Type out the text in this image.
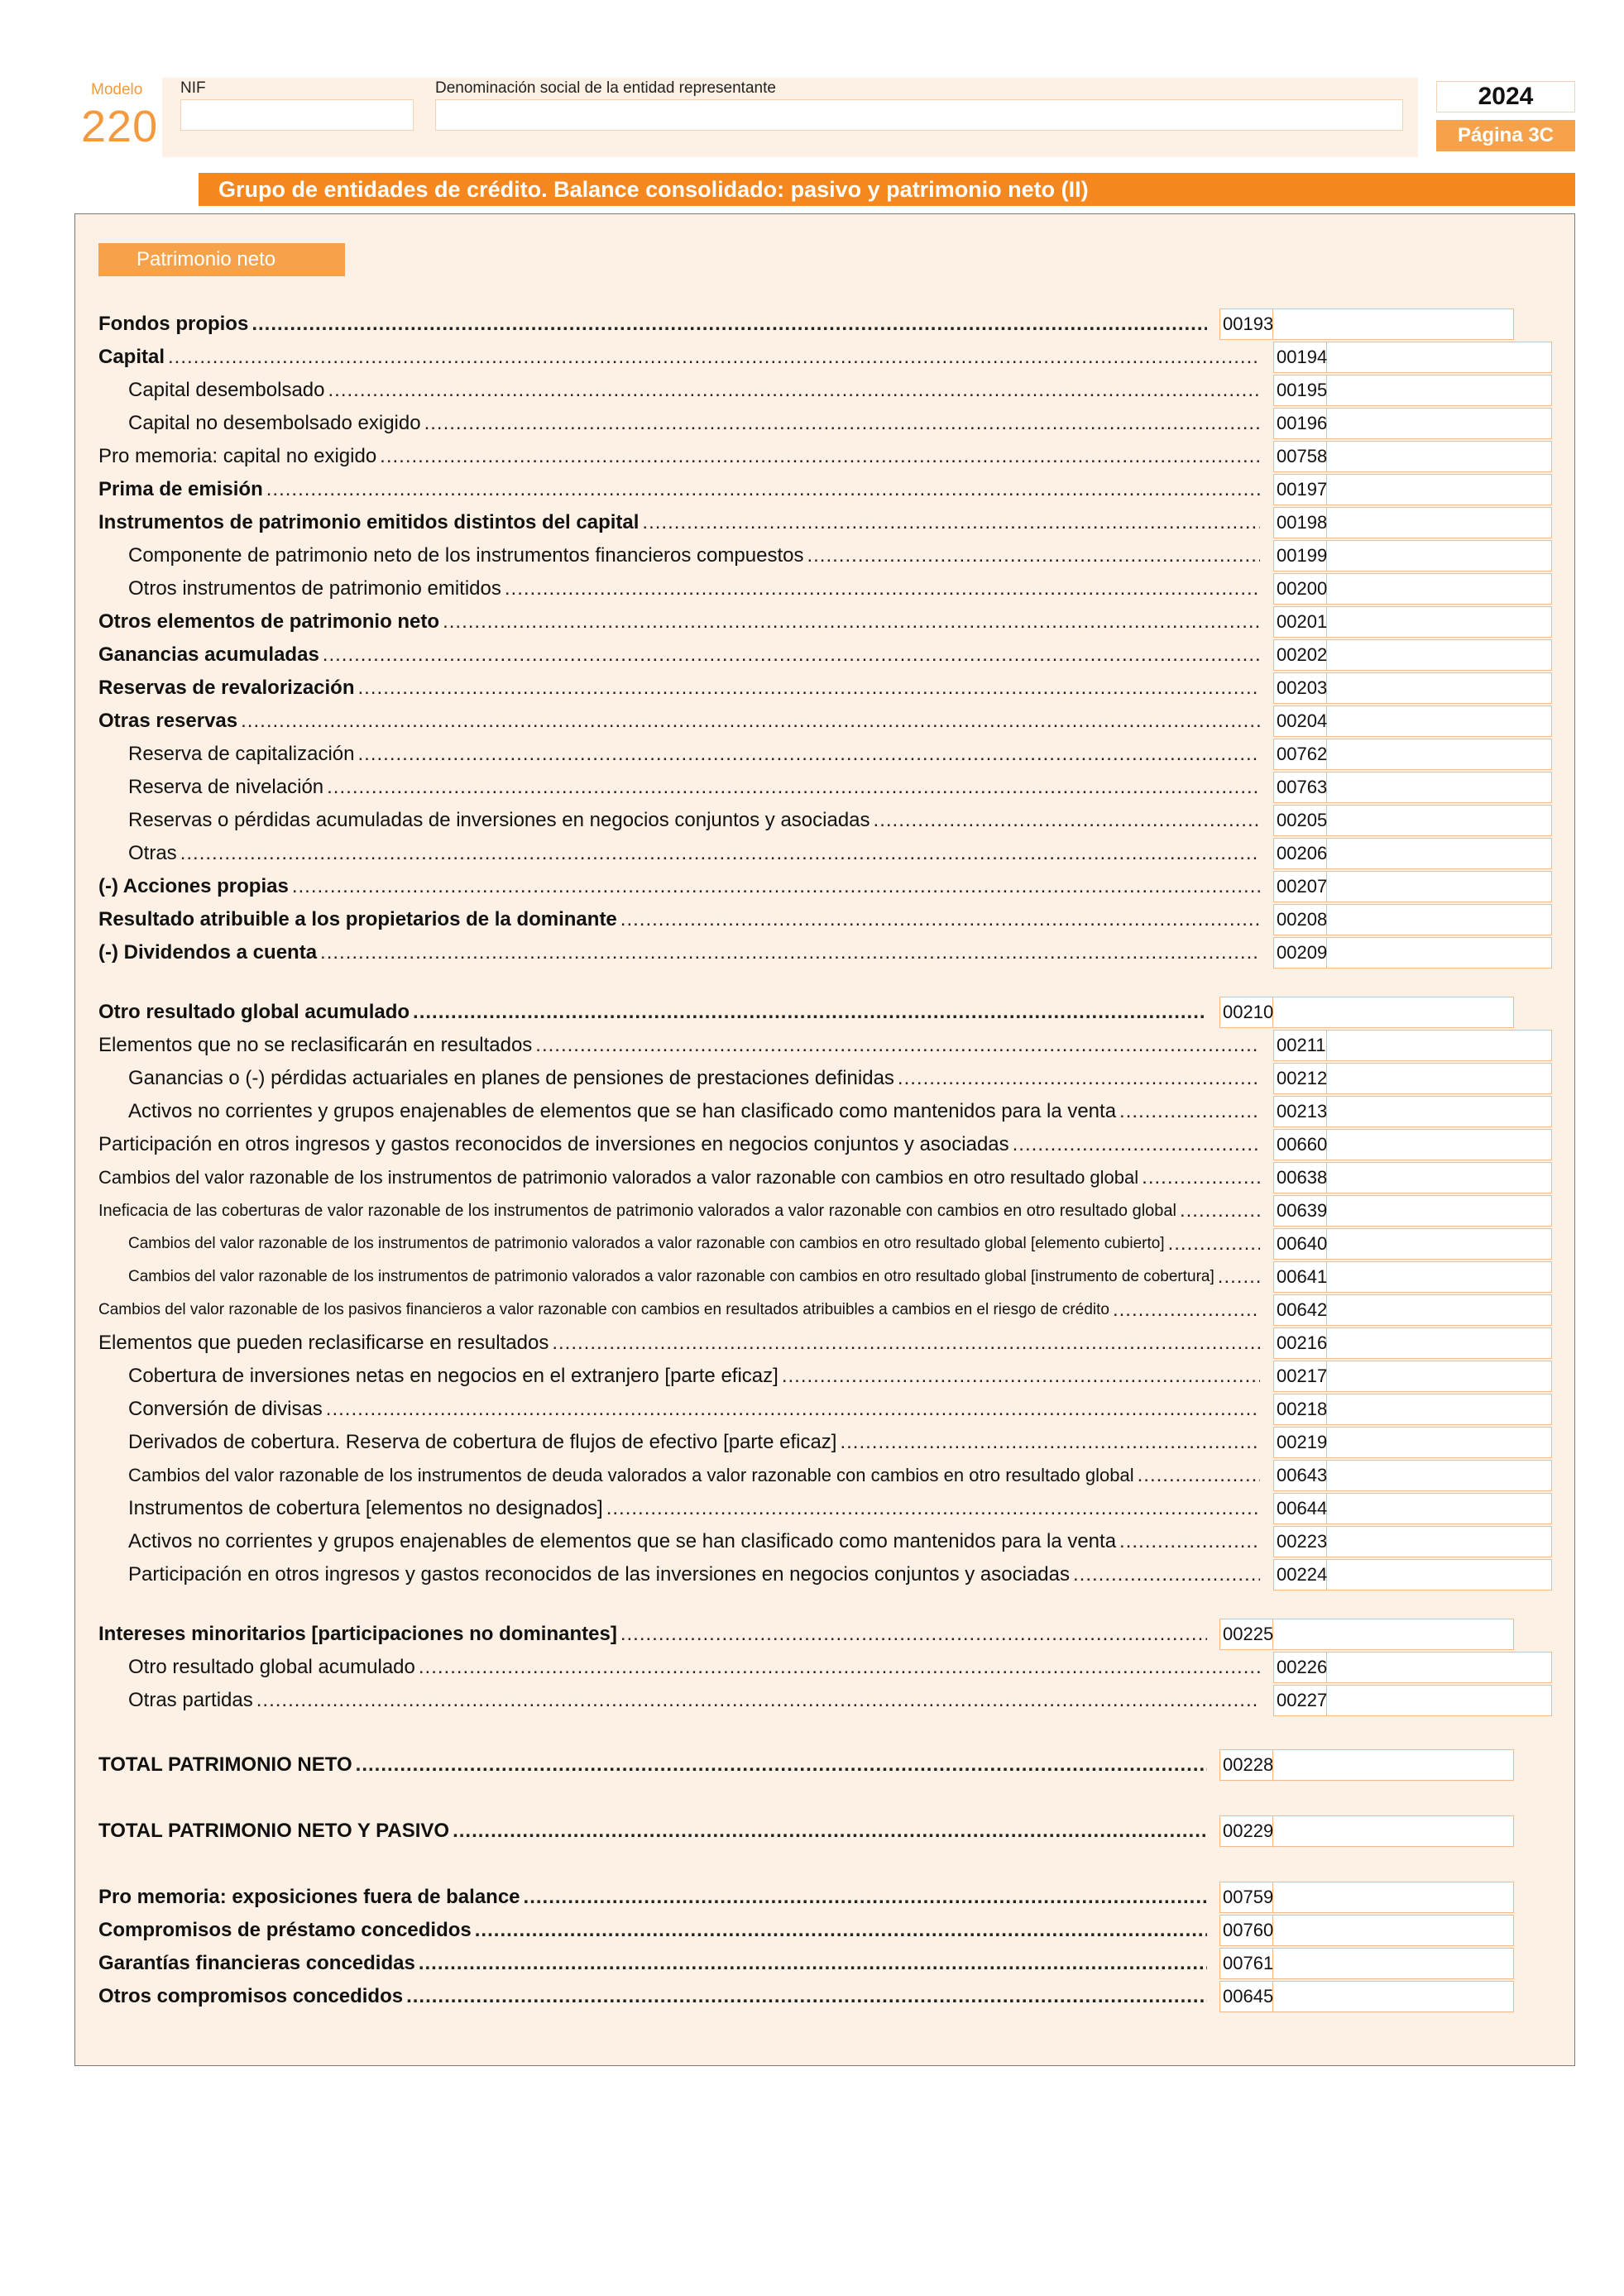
Modelo
220
NIF	Denominación social de la entidad representante	2024
Página 3C
Grupo de entidades de crédito. Balance consolidado: pasivo y patrimonio neto (II)
Patrimonio neto
Fondos propios .....	00193
Capital .....	00194
Capital desembolsado .....	00195
Capital no desembolsado exigido .....	00196
Pro memoria: capital no exigido .....	00758
Prima de emisión .....	00197
Instrumentos de patrimonio emitidos distintos del capital .....	00198
Componente de patrimonio neto de los instrumentos financieros compuestos .....	00199
Otros instrumentos de patrimonio emitidos .....	00200
Otros elementos de patrimonio neto .....	00201
Ganancias acumuladas .....	00202
Reservas de revalorización .....	00203
Otras reservas .....	00204
Reserva de capitalización .....	00762
Reserva de nivelación .....	00763
Reservas o pérdidas acumuladas de inversiones en negocios conjuntos y asociadas .....	00205
Otras .....	00206
(-) Acciones propias .....	00207
Resultado atribuible a los propietarios de la dominante .....	00208
(-) Dividendos a cuenta .....	00209
Otro resultado global acumulado .....	00210
Elementos que no se reclasificarán en resultados .....	00211
Ganancias o (-) pérdidas actuariales en planes de pensiones de prestaciones definidas .....	00212
Activos no corrientes y grupos enajenables de elementos que se han clasificado como mantenidos para la venta .....	00213
Participación en otros ingresos y gastos reconocidos de inversiones en negocios conjuntos y asociadas .....	00660
Cambios del valor razonable de los instrumentos de patrimonio valorados a valor razonable con cambios en otro resultado global .....	00638
Ineficacia de las coberturas de valor razonable de los instrumentos de patrimonio valorados a valor razonable con cambios en otro resultado global .....	00639
Cambios del valor razonable de los instrumentos de patrimonio valorados a valor razonable con cambios en otro resultado global [elemento cubierto] .....	00640
Cambios del valor razonable de los instrumentos de patrimonio valorados a valor razonable con cambios en otro resultado global [instrumento de cobertura] .....	00641
Cambios del valor razonable de los pasivos financieros a valor razonable con cambios en resultados atribuibles a cambios en el riesgo de crédito .....	00642
Elementos que pueden reclasificarse en resultados .....	00216
Cobertura de inversiones netas en negocios en el extranjero [parte eficaz] .....	00217
Conversión de divisas .....	00218
Derivados de cobertura. Reserva de cobertura de flujos de efectivo [parte eficaz] .....	00219
Cambios del valor razonable de los instrumentos de deuda valorados a valor razonable con cambios en otro resultado global .....	00643
Instrumentos de cobertura [elementos no designados] .....	00644
Activos no corrientes y grupos enajenables de elementos que se han clasificado como mantenidos para la venta .....	00223
Participación en otros ingresos y gastos reconocidos de las inversiones en negocios conjuntos y asociadas .....	00224
Intereses minoritarios [participaciones no dominantes] .....	00225
Otro resultado global acumulado .....	00226
Otras partidas .....	00227
TOTAL PATRIMONIO NETO .....	00228
TOTAL PATRIMONIO NETO Y PASIVO .....	00229
Pro memoria: exposiciones fuera de balance .....	00759
Compromisos de préstamo concedidos .....	00760
Garantías financieras concedidas .....	00761
Otros compromisos concedidos .....	00645
